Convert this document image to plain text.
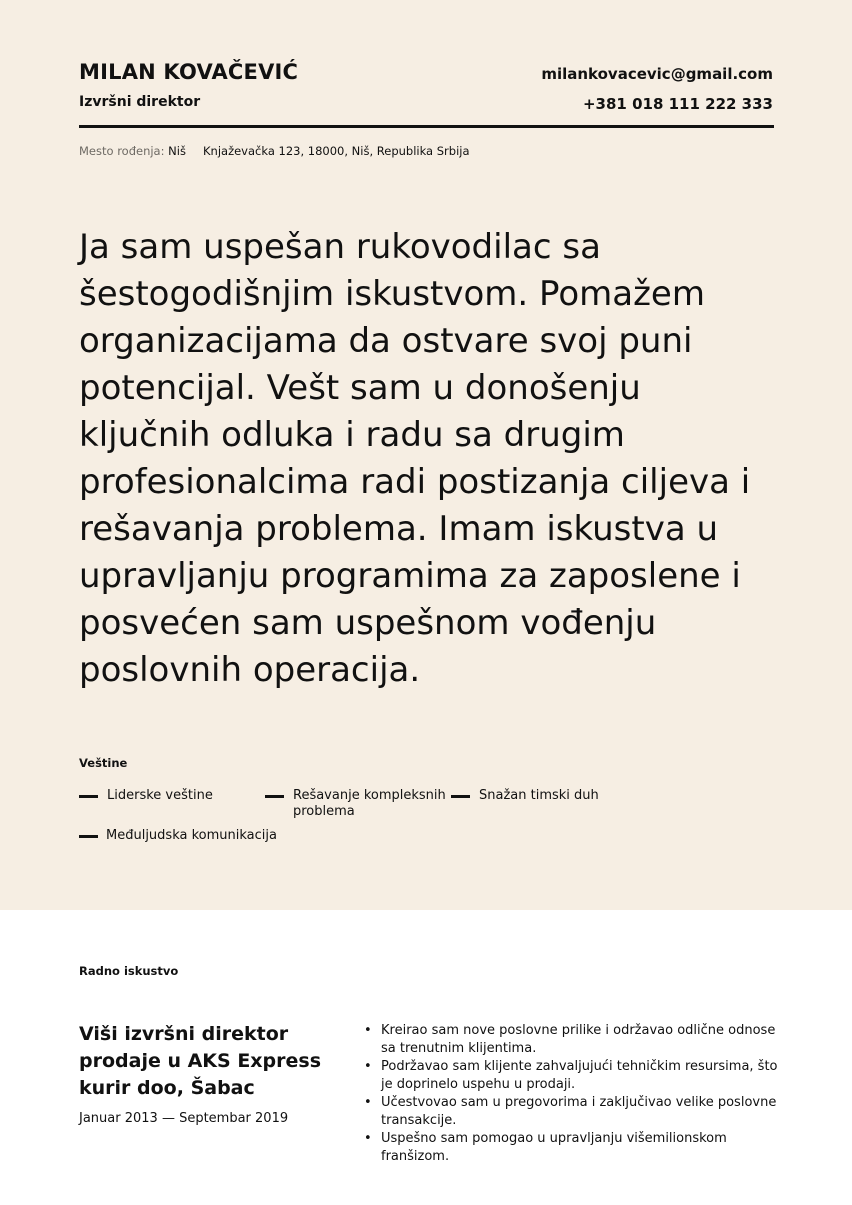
MILAN KOVAČEVIĆ
Izvršni direktor
milankovacevic@gmail.com
+381 018 111 222 333
Mesto rođenja: Niš Knjaževačka 123, 18000, Niš, Republika Srbija
Ja sam uspešan rukovodilac sa šestogodišnjim iskustvom. Pomažem organizacijama da ostvare svoj puni potencijal. Vešt sam u donošenju ključnih odluka i radu sa drugim profesionalcima radi postizanja ciljeva i rešavanja problema. Imam iskustva u upravljanju programima za zaposlene i posvećen sam uspešnom vođenju poslovnih operacija.
Veštine
Liderske veštine	Rešavanje kompleksnih problema
Snažan timski duh
Međuljudska komunikacija
Radno iskustvo
Viši izvršni direktor prodaje u AKS Express kurir doo, Šabac
Januar 2013 — Septembar 2019
• Kreirao sam nove poslovne prilike i održavao odlične odnose sa trenutnim klijentima.
• Podržavao sam klijente zahvaljujući tehničkim resursima, što je doprinelo uspehu u prodaji.
• Učestvovao sam u pregovorima i zaključivao velike poslovne transakcije.
• Uspešno sam pomogao u upravljanju višemilionskom franšizom.
